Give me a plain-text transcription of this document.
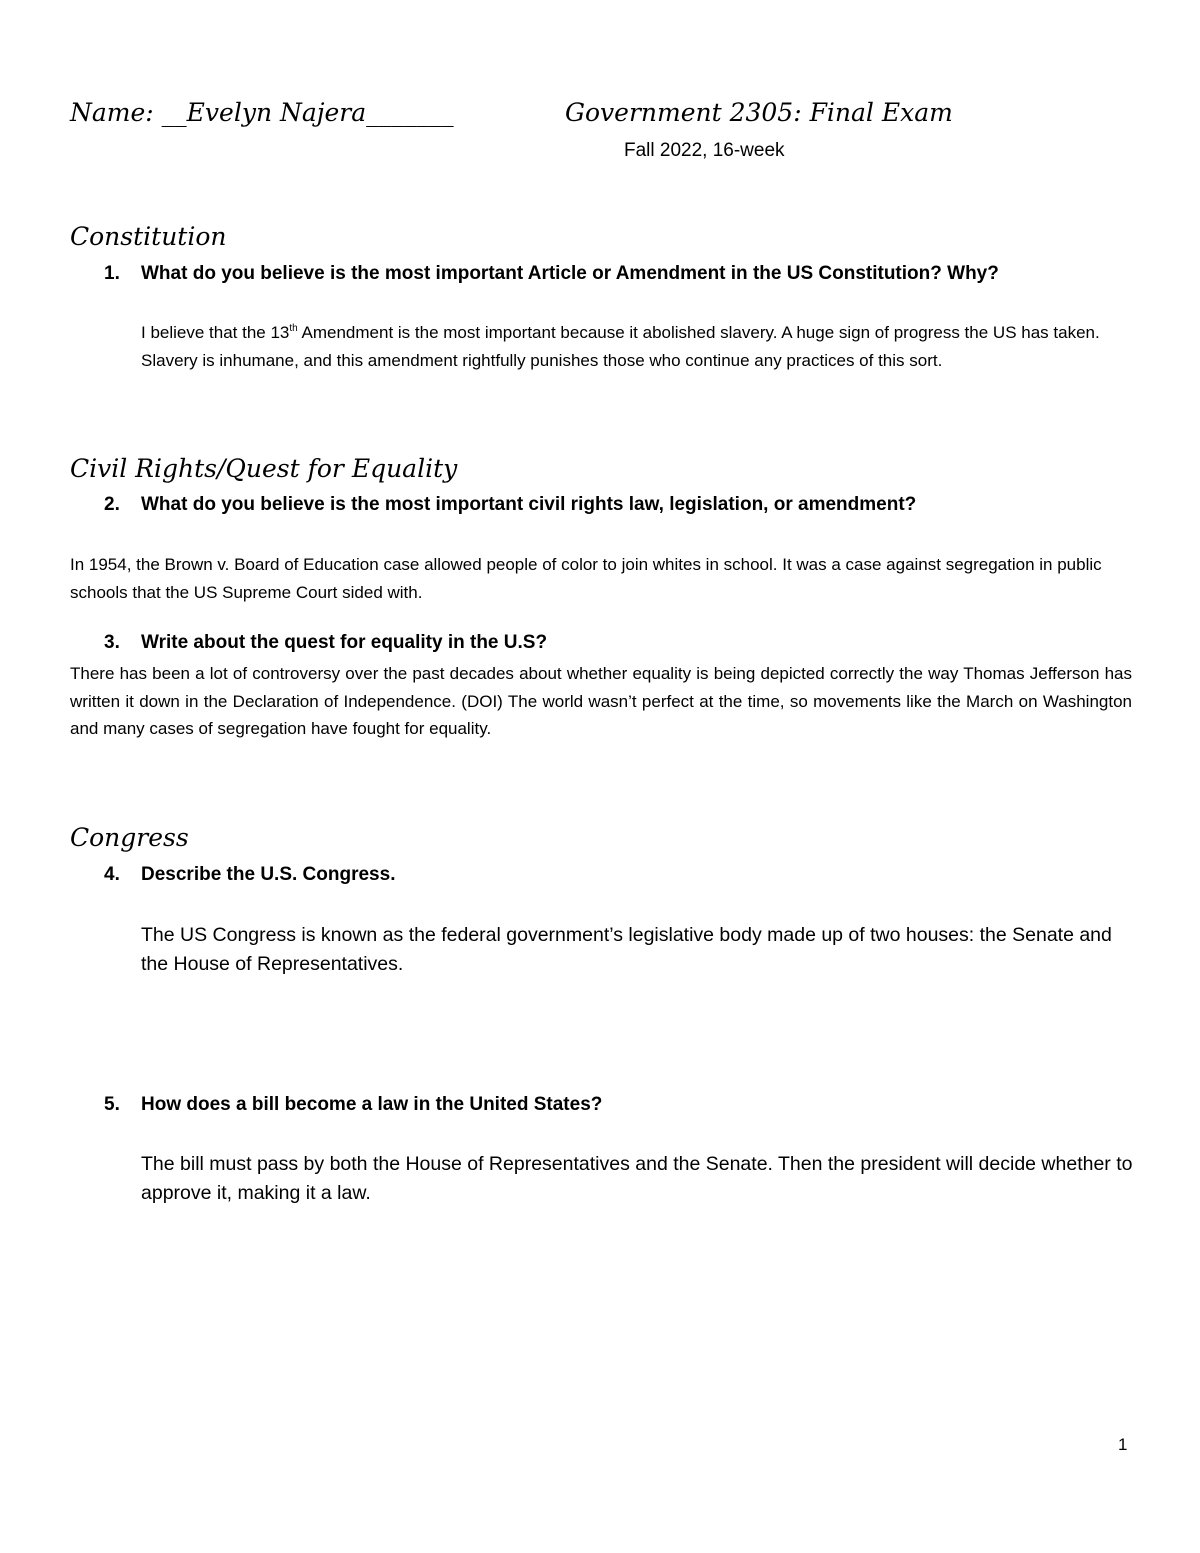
Name: __Evelyn Najera_______	Government 2305: Final Exam
Fall 2022, 16-week
Constitution
1. What do you believe is the most important Article or Amendment in the US Constitution? Why?

I believe that the 13th Amendment is the most important because it abolished slavery. A huge sign of progress the US has taken. Slavery is inhumane, and this amendment rightfully punishes those who continue any practices of this sort.

Civil Rights/Quest for Equality
2. What do you believe is the most important civil rights law, legislation, or amendment?

In 1954, the Brown v. Board of Education case allowed people of color to join whites in school. It was a case against segregation in public schools that the US Supreme Court sided with.

3. Write about the quest for equality in the U.S?

There has been a lot of controversy over the past decades about whether equality is being depicted correctly the way Thomas Jefferson has written it down in the Declaration of Independence. (DOI) The world wasn’t perfect at the time, so movements like the March on Washington and many cases of segregation have fought for equality.

Congress
4. Describe the U.S. Congress.

The US Congress is known as the federal government’s legislative body made up of two houses: the Senate and the House of Representatives.

5. How does a bill become a law in the United States?

The bill must pass by both the House of Representatives and the Senate. Then the president will decide whether to approve it, making it a law.

1
